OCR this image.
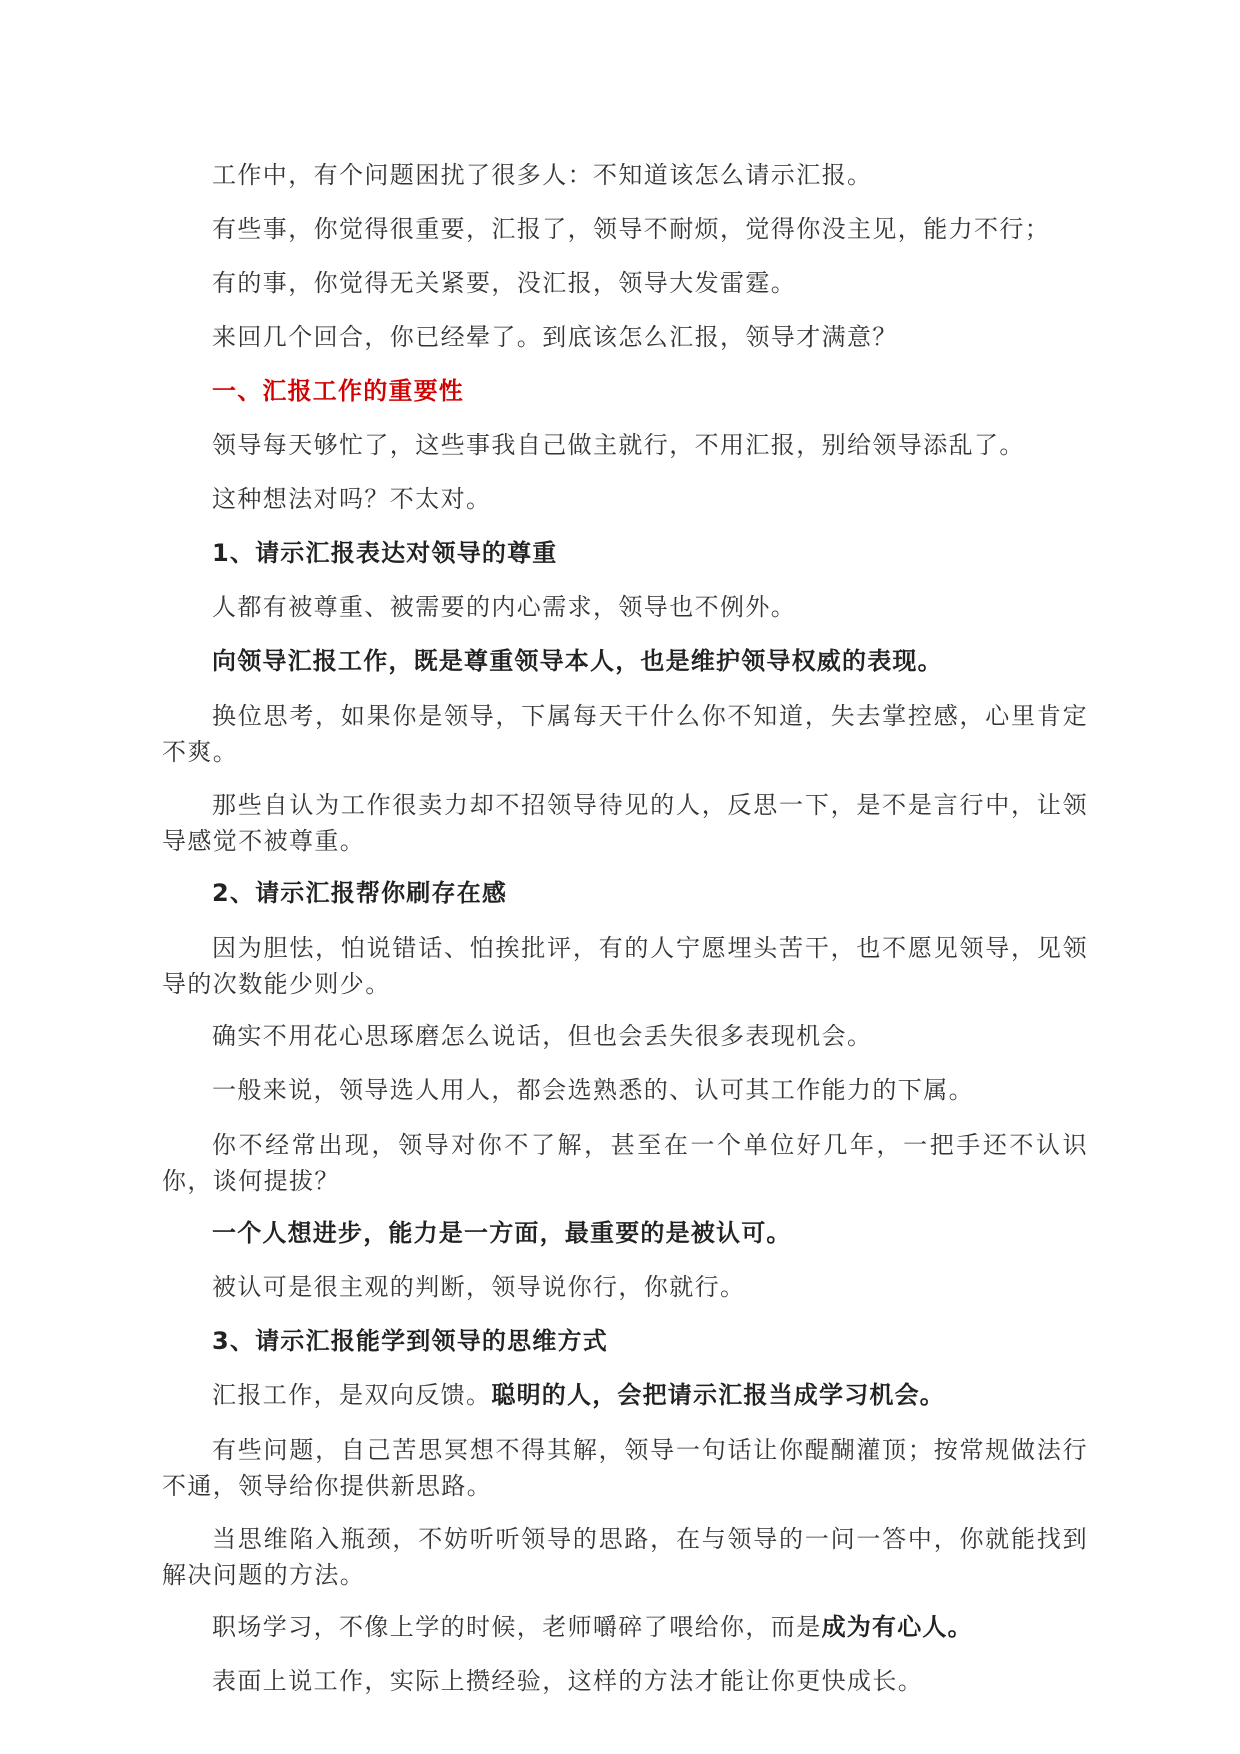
工作中，有个问题困扰了很多人：不知道该怎么请示汇报。

有些事，你觉得很重要，汇报了，领导不耐烦，觉得你没主见，能力不行；

有的事，你觉得无关紧要，没汇报，领导大发雷霆。

来回几个回合，你已经晕了。到底该怎么汇报，领导才满意？

一、汇报工作的重要性

领导每天够忙了，这些事我自己做主就行，不用汇报，别给领导添乱了。

这种想法对吗？不太对。

1、请示汇报表达对领导的尊重

人都有被尊重、被需要的内心需求，领导也不例外。

向领导汇报工作，既是尊重领导本人，也是维护领导权威的表现。

换位思考，如果你是领导，下属每天干什么你不知道，失去掌控感，心里肯定不爽。

那些自认为工作很卖力却不招领导待见的人，反思一下，是不是言行中，让领导感觉不被尊重。

2、请示汇报帮你刷存在感

因为胆怯，怕说错话、怕挨批评，有的人宁愿埋头苦干，也不愿见领导，见领导的次数能少则少。

确实不用花心思琢磨怎么说话，但也会丢失很多表现机会。

一般来说，领导选人用人，都会选熟悉的、认可其工作能力的下属。

你不经常出现，领导对你不了解，甚至在一个单位好几年，一把手还不认识你，谈何提拔？

一个人想进步，能力是一方面，最重要的是被认可。

被认可是很主观的判断，领导说你行，你就行。

3、请示汇报能学到领导的思维方式

汇报工作，是双向反馈。聪明的人，会把请示汇报当成学习机会。

有些问题，自己苦思冥想不得其解，领导一句话让你醍醐灌顶；按常规做法行不通，领导给你提供新思路。

当思维陷入瓶颈，不妨听听领导的思路，在与领导的一问一答中，你就能找到解决问题的方法。

职场学习，不像上学的时候，老师嚼碎了喂给你，而是成为有心人。

表面上说工作，实际上攒经验，这样的方法才能让你更快成长。
